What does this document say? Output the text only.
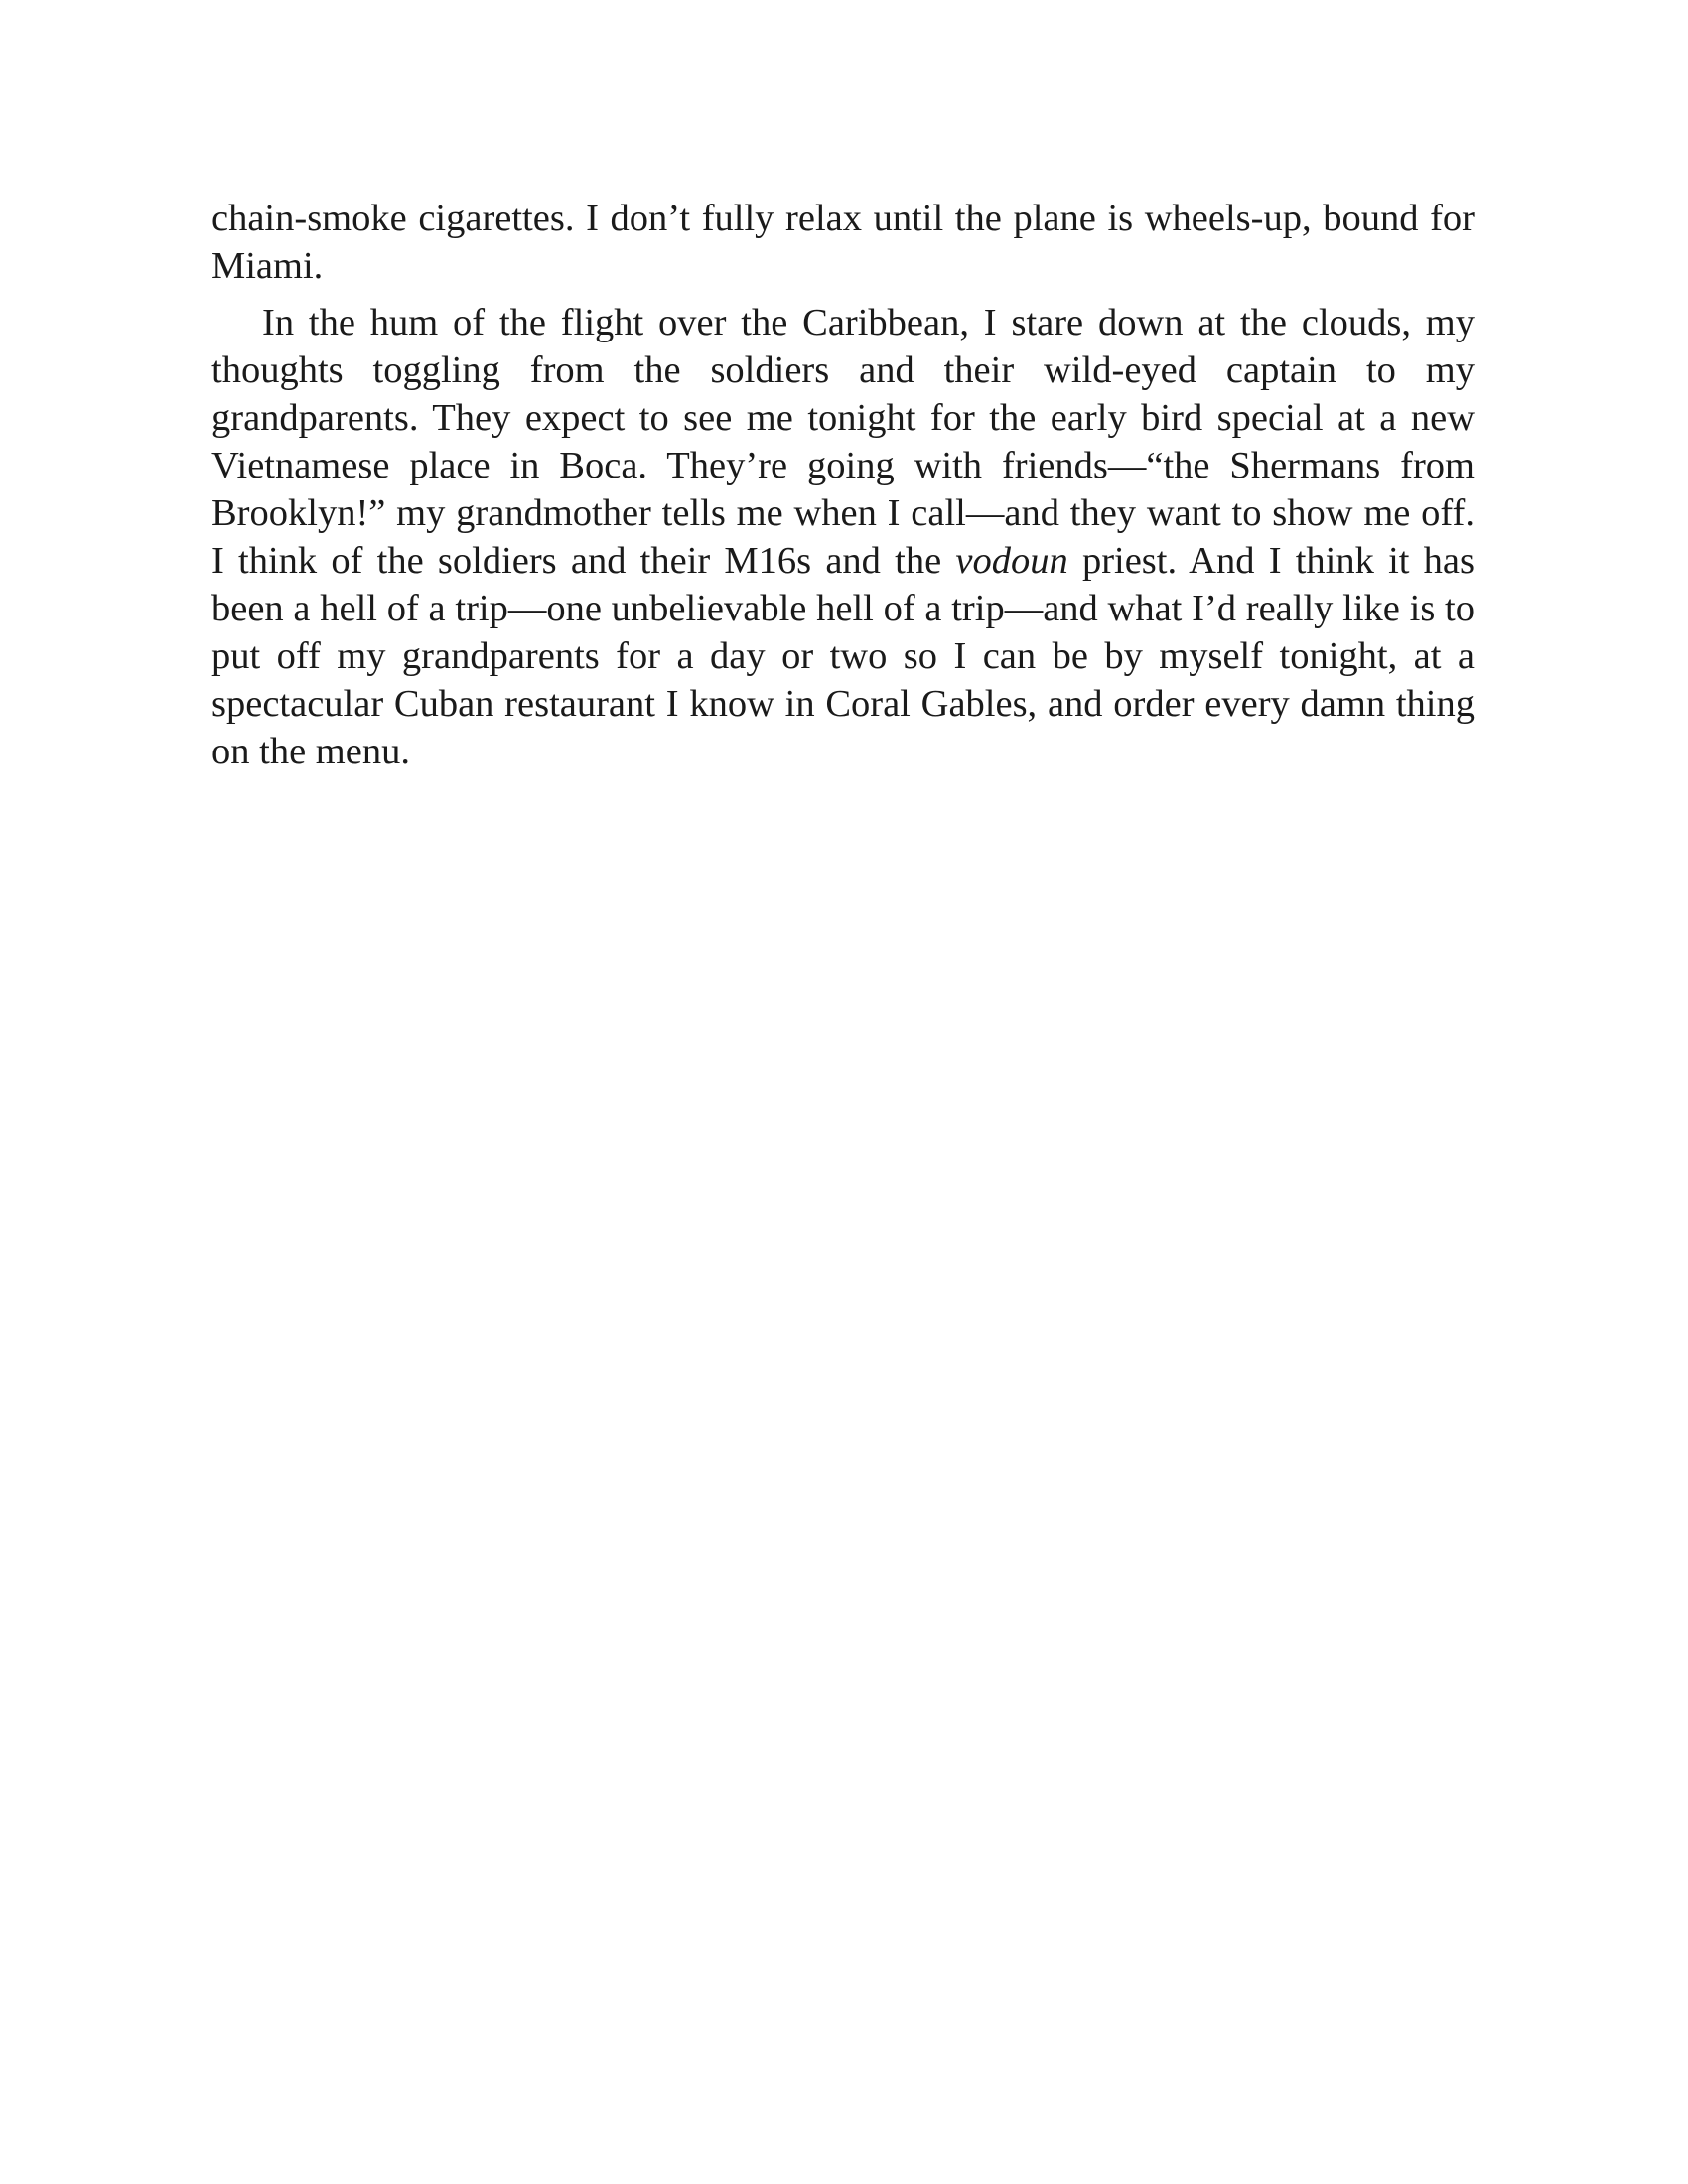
chain-smoke cigarettes. I don’t fully relax until the plane is wheels-up, bound for Miami.

In the hum of the flight over the Caribbean, I stare down at the clouds, my thoughts toggling from the soldiers and their wild-eyed captain to my grandparents. They expect to see me tonight for the early bird special at a new Vietnamese place in Boca. They’re going with friends—“the Shermans from Brooklyn!” my grandmother tells me when I call—and they want to show me off. I think of the soldiers and their M16s and the vodoun priest. And I think it has been a hell of a trip—one unbelievable hell of a trip—and what I’d really like is to put off my grandparents for a day or two so I can be by myself tonight, at a spectacular Cuban restaurant I know in Coral Gables, and order every damn thing on the menu.
